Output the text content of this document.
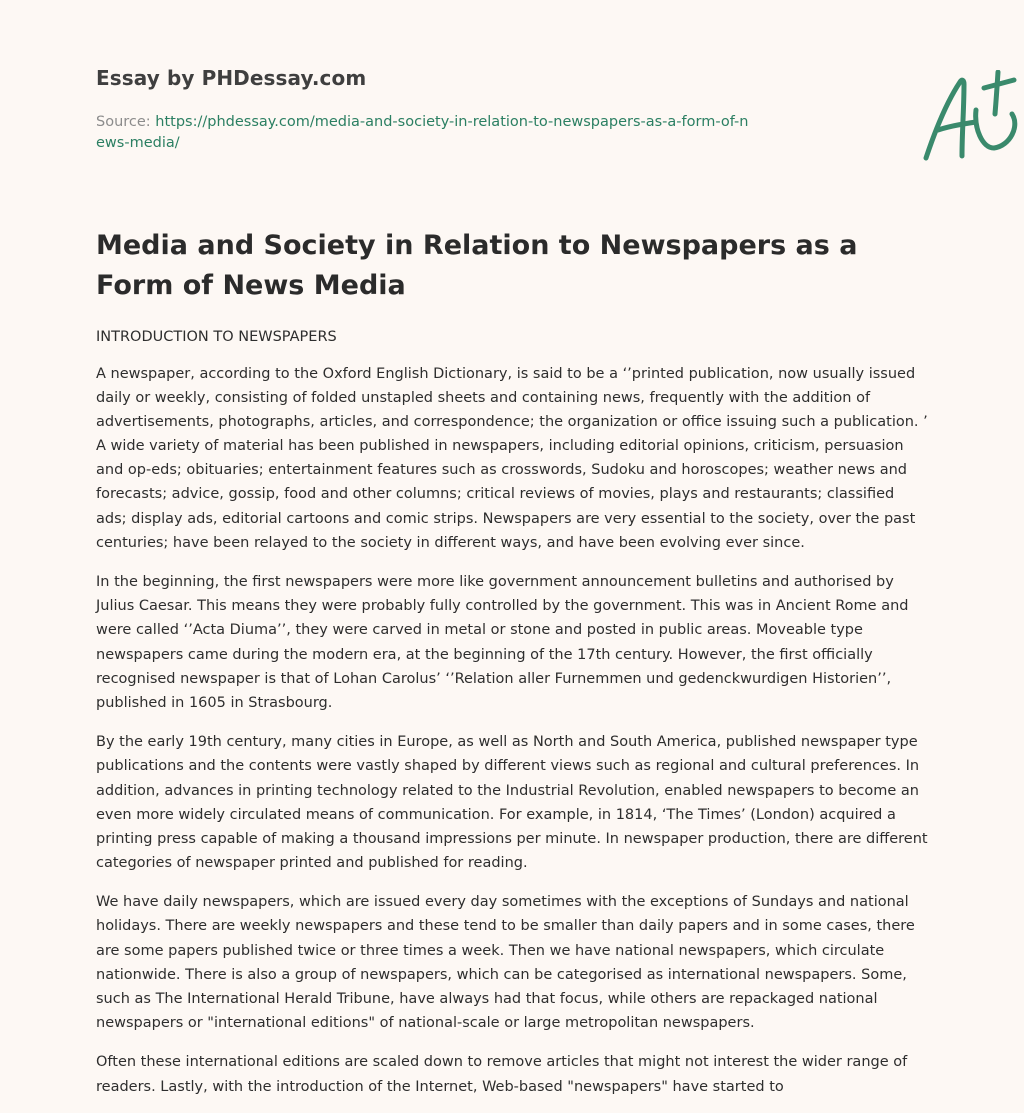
Essay by PHDessay.com
Source: https://phdessay.com/media-and-society-in-relation-to-newspapers-as-a-form-of-news-media/
Media and Society in Relation to Newspapers as a Form of News Media
INTRODUCTION TO NEWSPAPERS

A newspaper, according to the Oxford English Dictionary, is said to be a ‘’printed publication, now usually issued daily or weekly, consisting of folded unstapled sheets and containing news, frequently with the addition of advertisements, photographs, articles, and correspondence; the organization or office issuing such a publication. ’ A wide variety of material has been published in newspapers, including editorial opinions, criticism, persuasion and op-eds; obituaries; entertainment features such as crosswords, Sudoku and horoscopes; weather news and forecasts; advice, gossip, food and other columns; critical reviews of movies, plays and restaurants; classified ads; display ads, editorial cartoons and comic strips. Newspapers are very essential to the society, over the past centuries; have been relayed to the society in different ways, and have been evolving ever since.

In the beginning, the first newspapers were more like government announcement bulletins and authorised by Julius Caesar. This means they were probably fully controlled by the government. This was in Ancient Rome and were called ‘’Acta Diuma’’, they were carved in metal or stone and posted in public areas. Moveable type newspapers came during the modern era, at the beginning of the 17th century. However, the first officially recognised newspaper is that of Lohan Carolus’ ‘’Relation aller Furnemmen und gedenckwurdigen Historien’’, published in 1605 in Strasbourg.

By the early 19th century, many cities in Europe, as well as North and South America, published newspaper type publications and the contents were vastly shaped by different views such as regional and cultural preferences. In addition, advances in printing technology related to the Industrial Revolution, enabled newspapers to become an even more widely circulated means of communication. For example, in 1814, ‘The Times’ (London) acquired a printing press capable of making a thousand impressions per minute. In newspaper production, there are different categories of newspaper printed and published for reading.

We have daily newspapers, which are issued every day sometimes with the exceptions of Sundays and national holidays. There are weekly newspapers and these tend to be smaller than daily papers and in some cases, there are some papers published twice or three times a week. Then we have national newspapers, which circulate nationwide. There is also a group of newspapers, which can be categorised as international newspapers. Some, such as The International Herald Tribune, have always had that focus, while others are repackaged national newspapers or "international editions" of national-scale or large metropolitan newspapers.

Often these international editions are scaled down to remove articles that might not interest the wider range of readers. Lastly, with the introduction of the Internet, Web-based "newspapers" have started to
